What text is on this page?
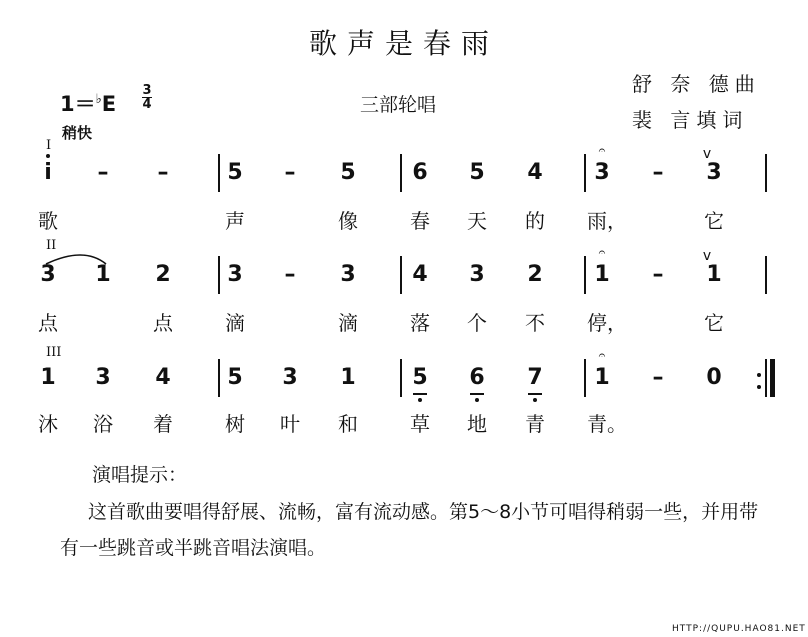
歌声是春雨
1＝♭E
3
4	三部轮唱
舒 奈 德曲
裴 言填词
稍快
I
II
III
i	– –	5 – 5	6 5 4 3 – 3
歌	声	像	春 天 的 雨，	它
𝄐	v
3 1 2	3 – 3	4 3 2 1 – 1
点	点	滴	滴	落 个 不 停，	它
𝄐	v
1 3 4	5 3 1	5 6 7 1 – 0
沐 浴 着	树 叶 和	草 地 青 青。
𝄐
演唱提示：
这首歌曲要唱得舒展、流畅，富有流动感。第5～8小节可唱得稍弱一些，并用带有一些跳音或半跳音唱法演唱。
HTTP://QUPU.HAO81.NET
